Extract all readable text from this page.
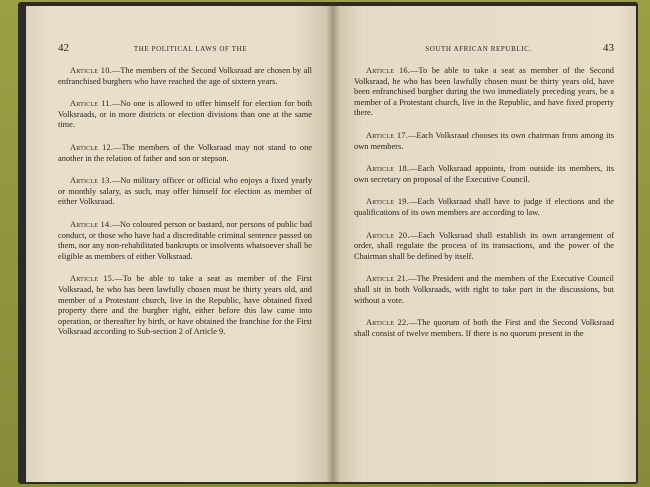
42	THE POLITICAL LAWS OF THE

Article 10.—The members of the Second Volksraad are chosen by all enfranchised burghers who have reached the age of sixteen years.

Article 11.—No one is allowed to offer himself for election for both Volksraads, or in more districts or election divisions than one at the same time.

Article 12.—The members of the Volksraad may not stand to one another in the relation of father and son or stepson.

Article 13.—No military officer or official who enjoys a fixed yearly or monthly salary, as such, may offer himself for election as member of either Volksraad.

Article 14.—No coloured person or bastard, nor persons of public bad conduct, or those who have had a discreditable criminal sentence passed on them, nor any non-rehabilitated bankrupts or insolvents whatsoever shall be eligible as members of either Volksraad.

Article 15.—To be able to take a seat as member of the First Volksraad, he who has been lawfully chosen must be thirty years old, and member of a Protestant church, live in the Republic, have obtained fixed property there and the burgher right, either before this law came into operation, or thereafter by birth, or have obtained the franchise for the First Volksraad according to Sub-section 2 of Article 9.

SOUTH AFRICAN REPUBLIC.	43

Article 16.—To be able to take a seat as member of the Second Volksraad, he who has been lawfully chosen must be thirty years old, have been enfranchised burgher during the two immediately preceding years, be a member of a Protestant church, live in the Republic, and have fixed property there.

Article 17.—Each Volksraad chooses its own chairman from among its own members.

Article 18.—Each Volksraad appoints, from outside its members, its own secretary on proposal of the Executive Council.

Article 19.—Each Volksraad shall have to judge if elections and the qualifications of its own members are according to law.

Article 20.—Each Volksraad shall establish its own arrangement of order, shall regulate the process of its transactions, and the power of the Chairman shall be defined by itself.

Article 21.—The President and the members of the Executive Council shall sit in both Volksraads, with right to take part in the discussions, but without a vote.

Article 22.—The quorum of both the First and the Second Volksraad shall consist of twelve members. If there is no quorum present in the
